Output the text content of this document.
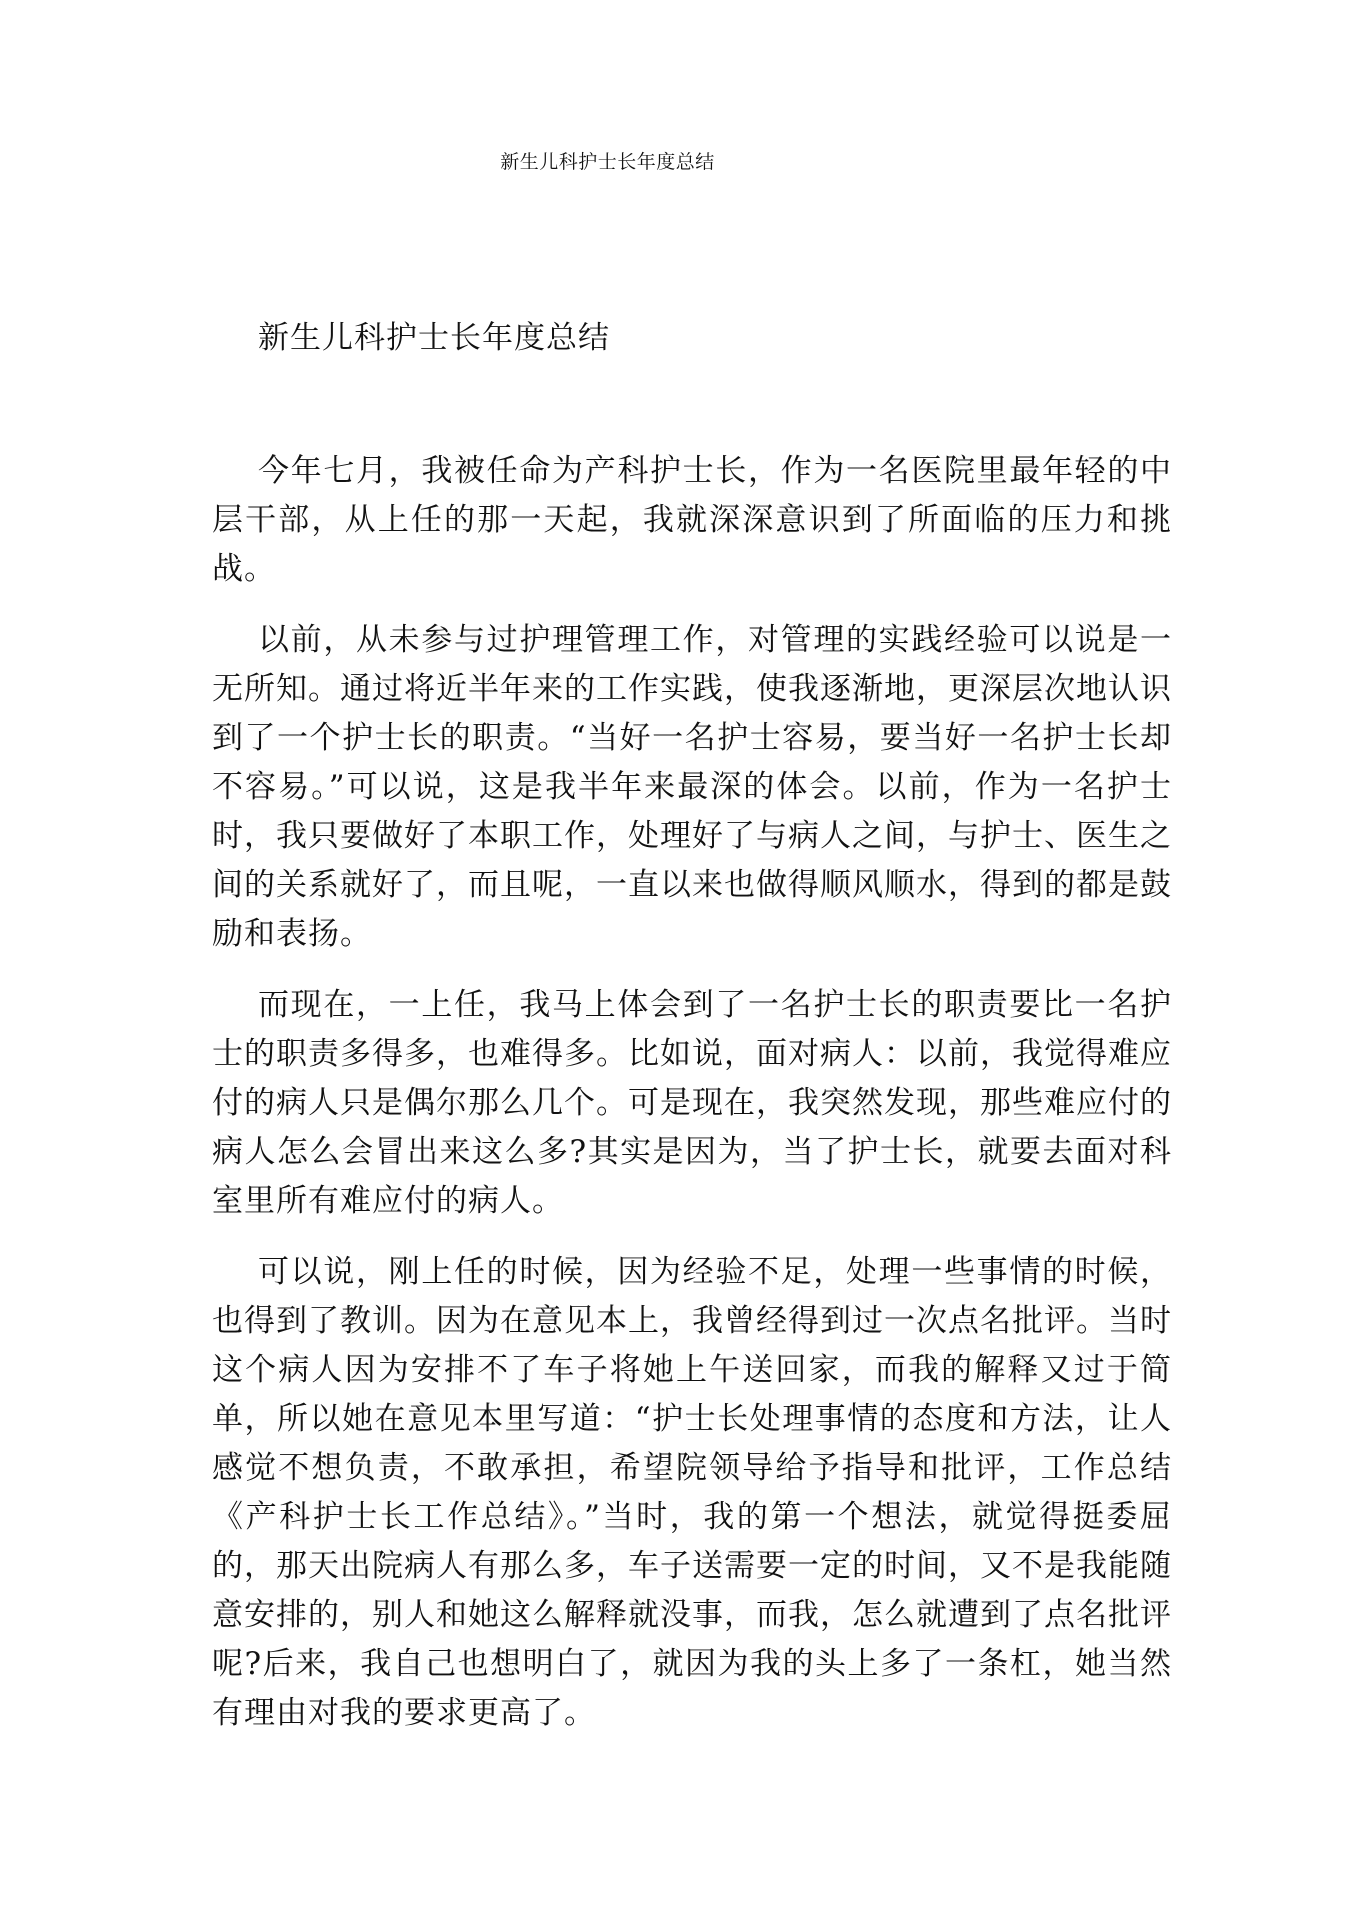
新生儿科护士长年度总结
新生儿科护士长年度总结

今年七月，我被任命为产科护士长，作为一名医院里最年轻的中层干部，从上任的那一天起，我就深深意识到了所面临的压力和挑战。

以前，从未参与过护理管理工作，对管理的实践经验可以说是一无所知。通过将近半年来的工作实践，使我逐渐地，更深层次地认识到了一个护士长的职责。“当好一名护士容易，要当好一名护士长却不容易。”可以说，这是我半年来最深的体会。以前，作为一名护士时，我只要做好了本职工作，处理好了与病人之间，与护士、医生之间的关系就好了，而且呢，一直以来也做得顺风顺水，得到的都是鼓励和表扬。

而现在，一上任，我马上体会到了一名护士长的职责要比一名护士的职责多得多，也难得多。比如说，面对病人：以前，我觉得难应付的病人只是偶尔那么几个。可是现在，我突然发现，那些难应付的病人怎么会冒出来这么多?其实是因为，当了护士长，就要去面对科室里所有难应付的病人。

可以说，刚上任的时候，因为经验不足，处理一些事情的时候，也得到了教训。因为在意见本上，我曾经得到过一次点名批评。当时这个病人因为安排不了车子将她上午送回家，而我的解释又过于简单，所以她在意见本里写道：“护士长处理事情的态度和方法，让人感觉不想负责，不敢承担，希望院领导给予指导和批评，工作总结《产科护士长工作总结》。”当时，我的第一个想法，就觉得挺委屈的，那天出院病人有那么多，车子送需要一定的时间，又不是我能随意安排的，别人和她这么解释就没事，而我，怎么就遭到了点名批评呢?后来，我自己也想明白了，就因为我的头上多了一条杠，她当然有理由对我的要求更高了。
